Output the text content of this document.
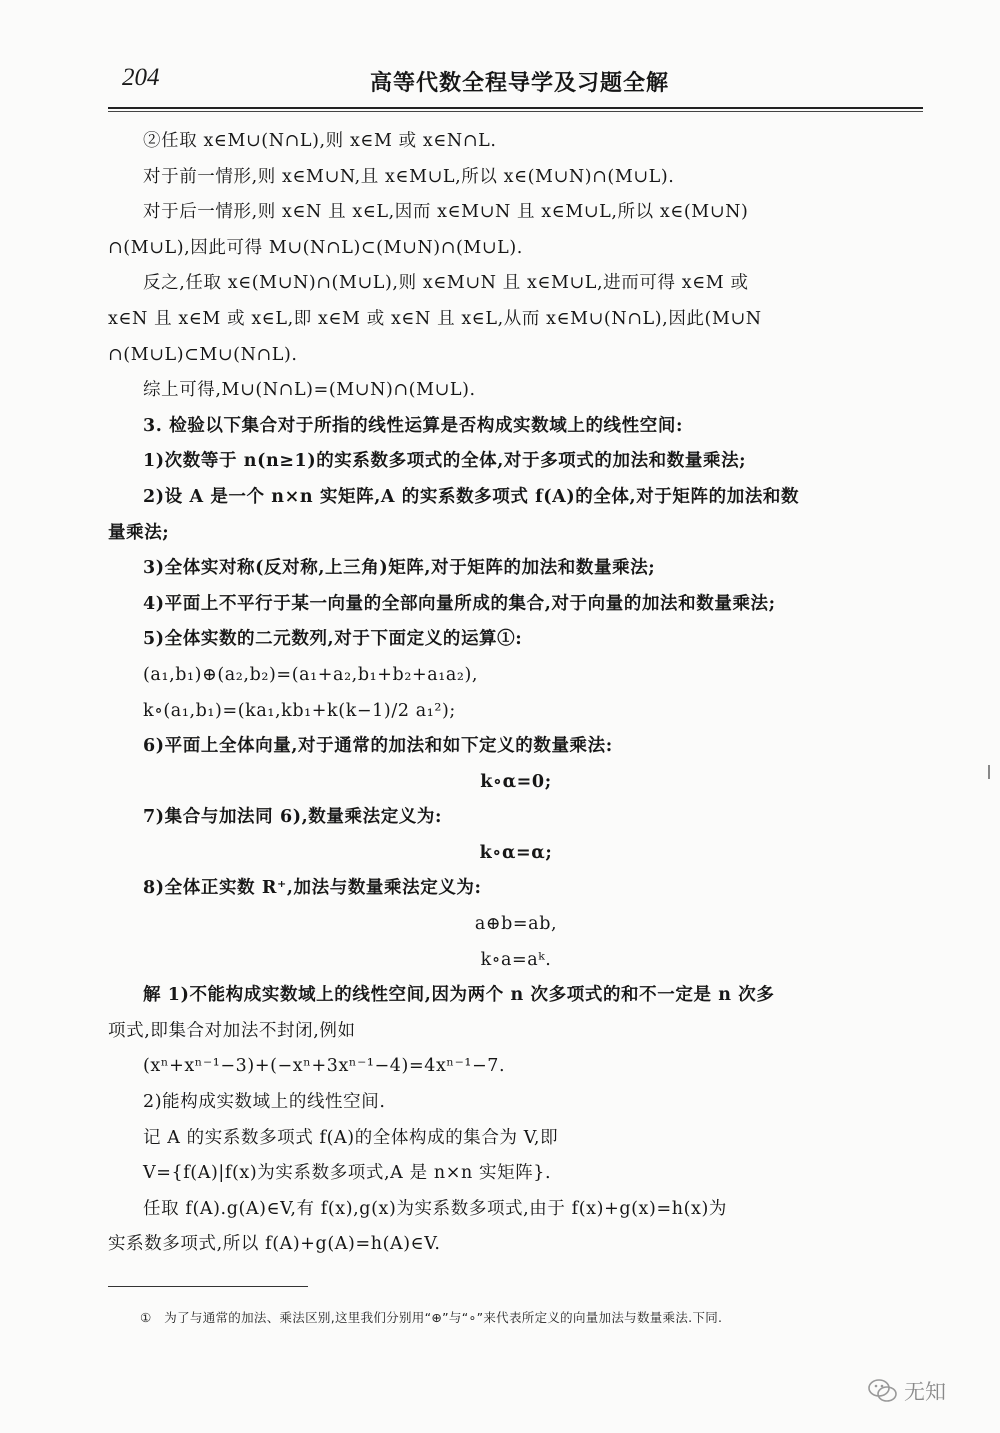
204	高等代数全程导学及习题全解

②任取 x∈M∪(N∩L),则 x∈M 或 x∈N∩L.

对于前一情形,则 x∈M∪N,且 x∈M∪L,所以 x∈(M∪N)∩(M∪L).

对于后一情形,则 x∈N 且 x∈L,因而 x∈M∪N 且 x∈M∪L,所以 x∈(M∪N)

∩(M∪L),因此可得 M∪(N∩L)⊂(M∪N)∩(M∪L).

反之,任取 x∈(M∪N)∩(M∪L),则 x∈M∪N 且 x∈M∪L,进而可得 x∈M 或

x∈N 且 x∈M 或 x∈L,即 x∈M 或 x∈N 且 x∈L,从而 x∈M∪(N∩L),因此(M∪N

∩(M∪L)⊂M∪(N∩L).

综上可得,M∪(N∩L)=(M∪N)∩(M∪L).

3. 检验以下集合对于所指的线性运算是否构成实数域上的线性空间:

1)次数等于 n(n≥1)的实系数多项式的全体,对于多项式的加法和数量乘法;

2)设 A 是一个 n×n 实矩阵,A 的实系数多项式 f(A)的全体,对于矩阵的加法和数

量乘法;

3)全体实对称(反对称,上三角)矩阵,对于矩阵的加法和数量乘法;

4)平面上不平行于某一向量的全部向量所成的集合,对于向量的加法和数量乘法;

5)全体实数的二元数列,对于下面定义的运算①:

(a₁,b₁)⊕(a₂,b₂)=(a₁+a₂,b₁+b₂+a₁a₂),

k∘(a₁,b₁)=(ka₁,kb₁+k(k−1)/2 a₁²);

6)平面上全体向量,对于通常的加法和如下定义的数量乘法:

k∘α=0;

7)集合与加法同 6),数量乘法定义为:

k∘α=α;

8)全体正实数 R⁺,加法与数量乘法定义为:

a⊕b=ab,

k∘a=aᵏ.

解 1)不能构成实数域上的线性空间,因为两个 n 次多项式的和不一定是 n 次多

项式,即集合对加法不封闭,例如

(xⁿ+xⁿ⁻¹−3)+(−xⁿ+3xⁿ⁻¹−4)=4xⁿ⁻¹−7.

2)能构成实数域上的线性空间.

记 A 的实系数多项式 f(A)的全体构成的集合为 V,即

V={f(A)|f(x)为实系数多项式,A 是 n×n 实矩阵}.

任取 f(A).g(A)∈V,有 f(x),g(x)为实系数多项式,由于 f(x)+g(x)=h(x)为

实系数多项式,所以 f(A)+g(A)=h(A)∈V.

①　为了与通常的加法、乘法区别,这里我们分别用“⊕”与“∘”来代表所定义的向量加法与数量乘法.下同.
无知
